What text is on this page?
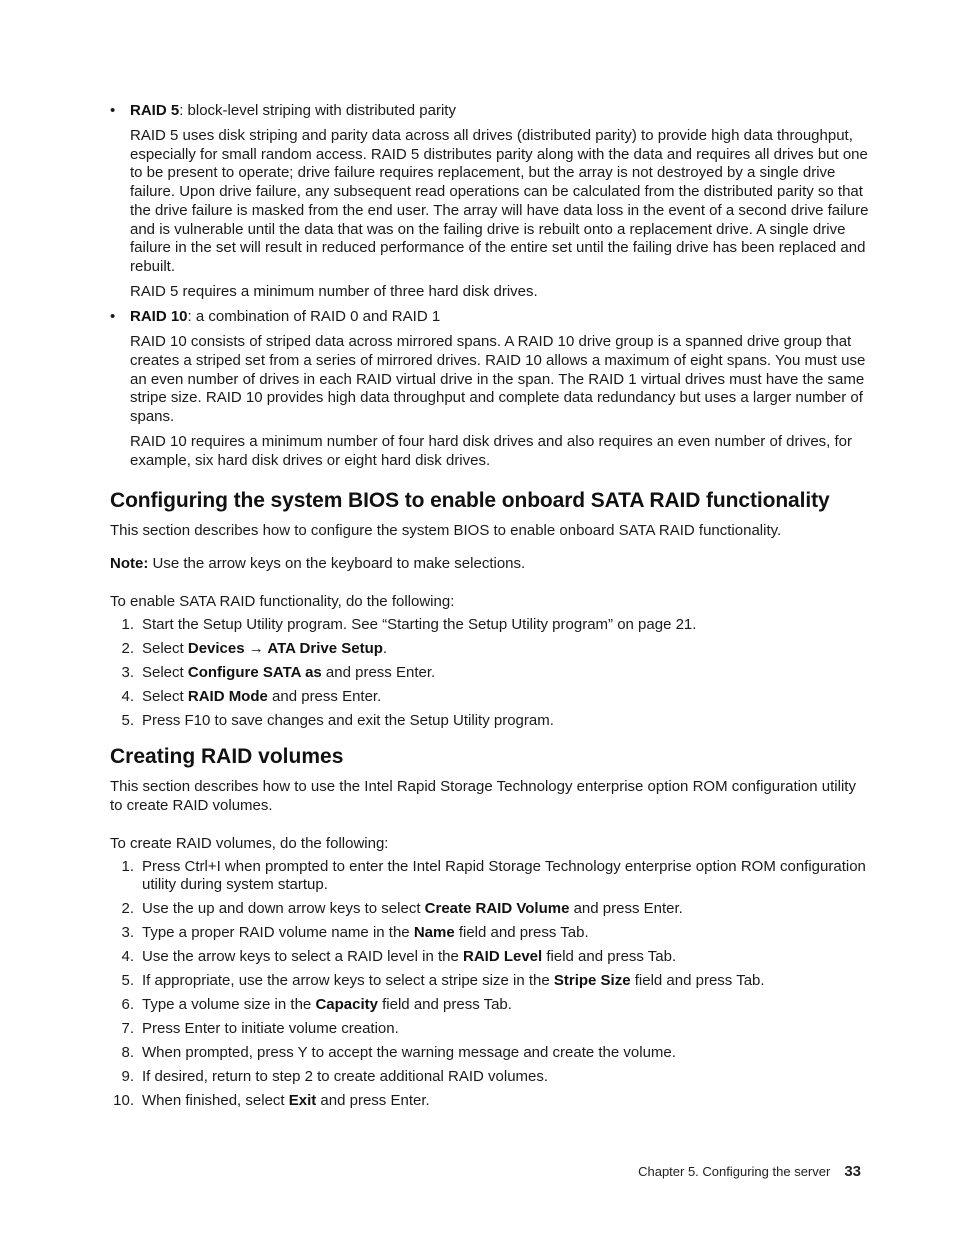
• RAID 5: block-level striping with distributed parity

RAID 5 uses disk striping and parity data across all drives (distributed parity) to provide high data throughput, especially for small random access. RAID 5 distributes parity along with the data and requires all drives but one to be present to operate; drive failure requires replacement, but the array is not destroyed by a single drive failure. Upon drive failure, any subsequent read operations can be calculated from the distributed parity so that the drive failure is masked from the end user. The array will have data loss in the event of a second drive failure and is vulnerable until the data that was on the failing drive is rebuilt onto a replacement drive. A single drive failure in the set will result in reduced performance of the entire set until the failing drive has been replaced and rebuilt.

RAID 5 requires a minimum number of three hard disk drives.

• RAID 10: a combination of RAID 0 and RAID 1

RAID 10 consists of striped data across mirrored spans. A RAID 10 drive group is a spanned drive group that creates a striped set from a series of mirrored drives. RAID 10 allows a maximum of eight spans. You must use an even number of drives in each RAID virtual drive in the span. The RAID 1 virtual drives must have the same stripe size. RAID 10 provides high data throughput and complete data redundancy but uses a larger number of spans.

RAID 10 requires a minimum number of four hard disk drives and also requires an even number of drives, for example, six hard disk drives or eight hard disk drives.

Configuring the system BIOS to enable onboard SATA RAID functionality

This section describes how to configure the system BIOS to enable onboard SATA RAID functionality.

Note: Use the arrow keys on the keyboard to make selections.

To enable SATA RAID functionality, do the following:

1. Start the Setup Utility program. See “Starting the Setup Utility program” on page 21.
2. Select Devices → ATA Drive Setup.
3. Select Configure SATA as and press Enter.
4. Select RAID Mode and press Enter.
5. Press F10 to save changes and exit the Setup Utility program.
Creating RAID volumes

This section describes how to use the Intel Rapid Storage Technology enterprise option ROM configuration utility to create RAID volumes.

To create RAID volumes, do the following:

1. Press Ctrl+I when prompted to enter the Intel Rapid Storage Technology enterprise option ROM configuration utility during system startup.
2. Use the up and down arrow keys to select Create RAID Volume and press Enter.
3. Type a proper RAID volume name in the Name field and press Tab.
4. Use the arrow keys to select a RAID level in the RAID Level field and press Tab.
5. If appropriate, use the arrow keys to select a stripe size in the Stripe Size field and press Tab.
6. Type a volume size in the Capacity field and press Tab.
7. Press Enter to initiate volume creation.
8. When prompted, press Y to accept the warning message and create the volume.
9. If desired, return to step 2 to create additional RAID volumes.
10. When finished, select Exit and press Enter.
Chapter 5. Configuring the server 33
